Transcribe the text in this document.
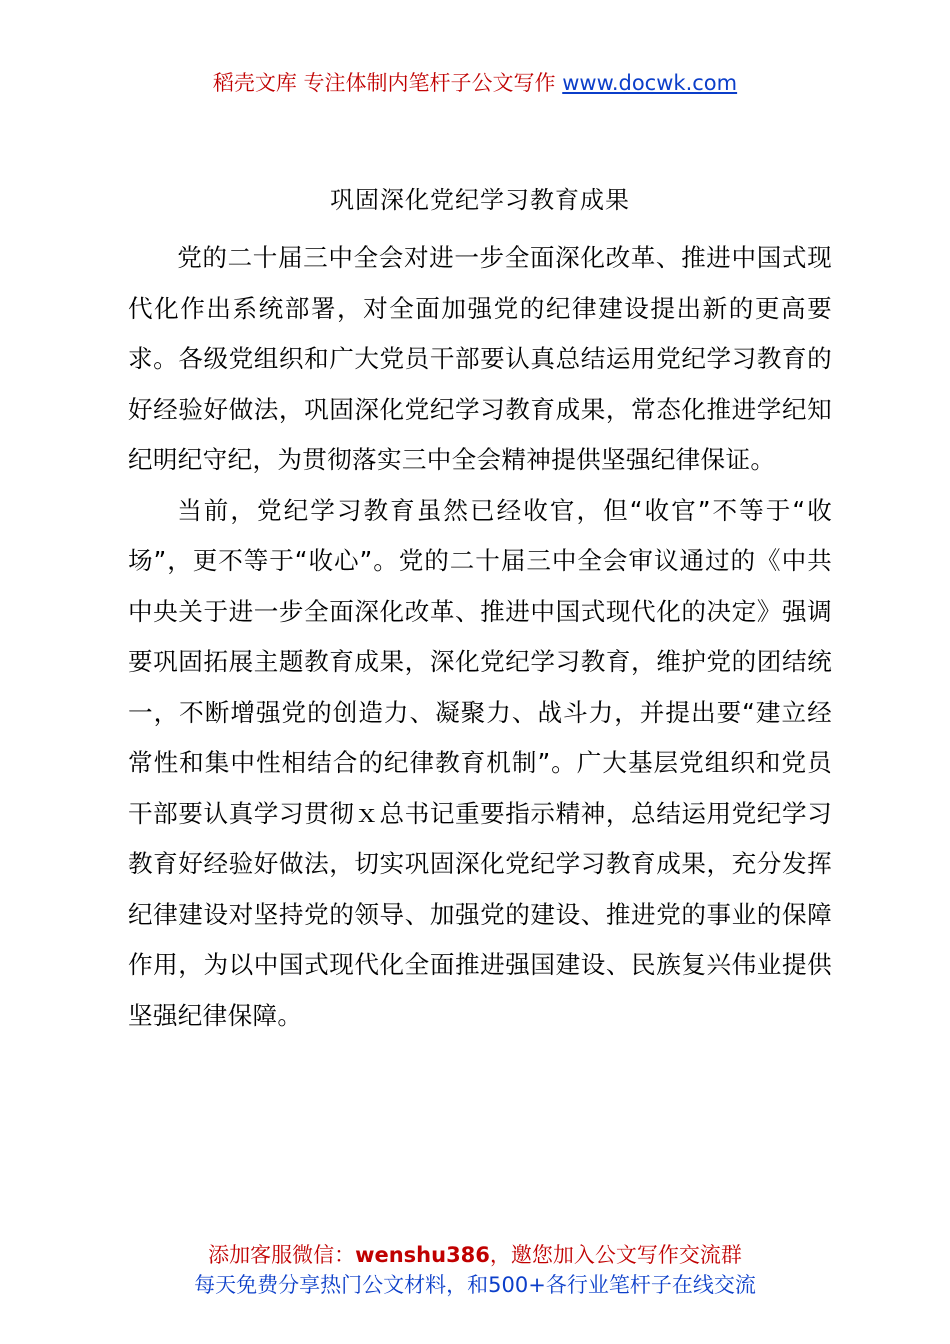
稻壳文库 专注体制内笔杆子公文写作 www.docwk.com
巩固深化党纪学习教育成果

党的二十届三中全会对进一步全面深化改革、推进中国式现代化作出系统部署，对全面加强党的纪律建设提出新的更高要求。各级党组织和广大党员干部要认真总结运用党纪学习教育的好经验好做法，巩固深化党纪学习教育成果，常态化推进学纪知纪明纪守纪，为贯彻落实三中全会精神提供坚强纪律保证。

当前，党纪学习教育虽然已经收官，但“收官”不等于“收场”，更不等于“收心”。党的二十届三中全会审议通过的《中共中央关于进一步全面深化改革、推进中国式现代化的决定》强调要巩固拓展主题教育成果，深化党纪学习教育，维护党的团结统一，不断增强党的创造力、凝聚力、战斗力，并提出要“建立经常性和集中性相结合的纪律教育机制”。广大基层党组织和党员干部要认真学习贯彻ｘ总书记重要指示精神，总结运用党纪学习教育好经验好做法，切实巩固深化党纪学习教育成果，充分发挥纪律建设对坚持党的领导、加强党的建设、推进党的事业的保障作用，为以中国式现代化全面推进强国建设、民族复兴伟业提供坚强纪律保障。

添加客服微信：wenshu386，邀您加入公文写作交流群
每天免费分享热门公文材料，和500+各行业笔杆子在线交流
